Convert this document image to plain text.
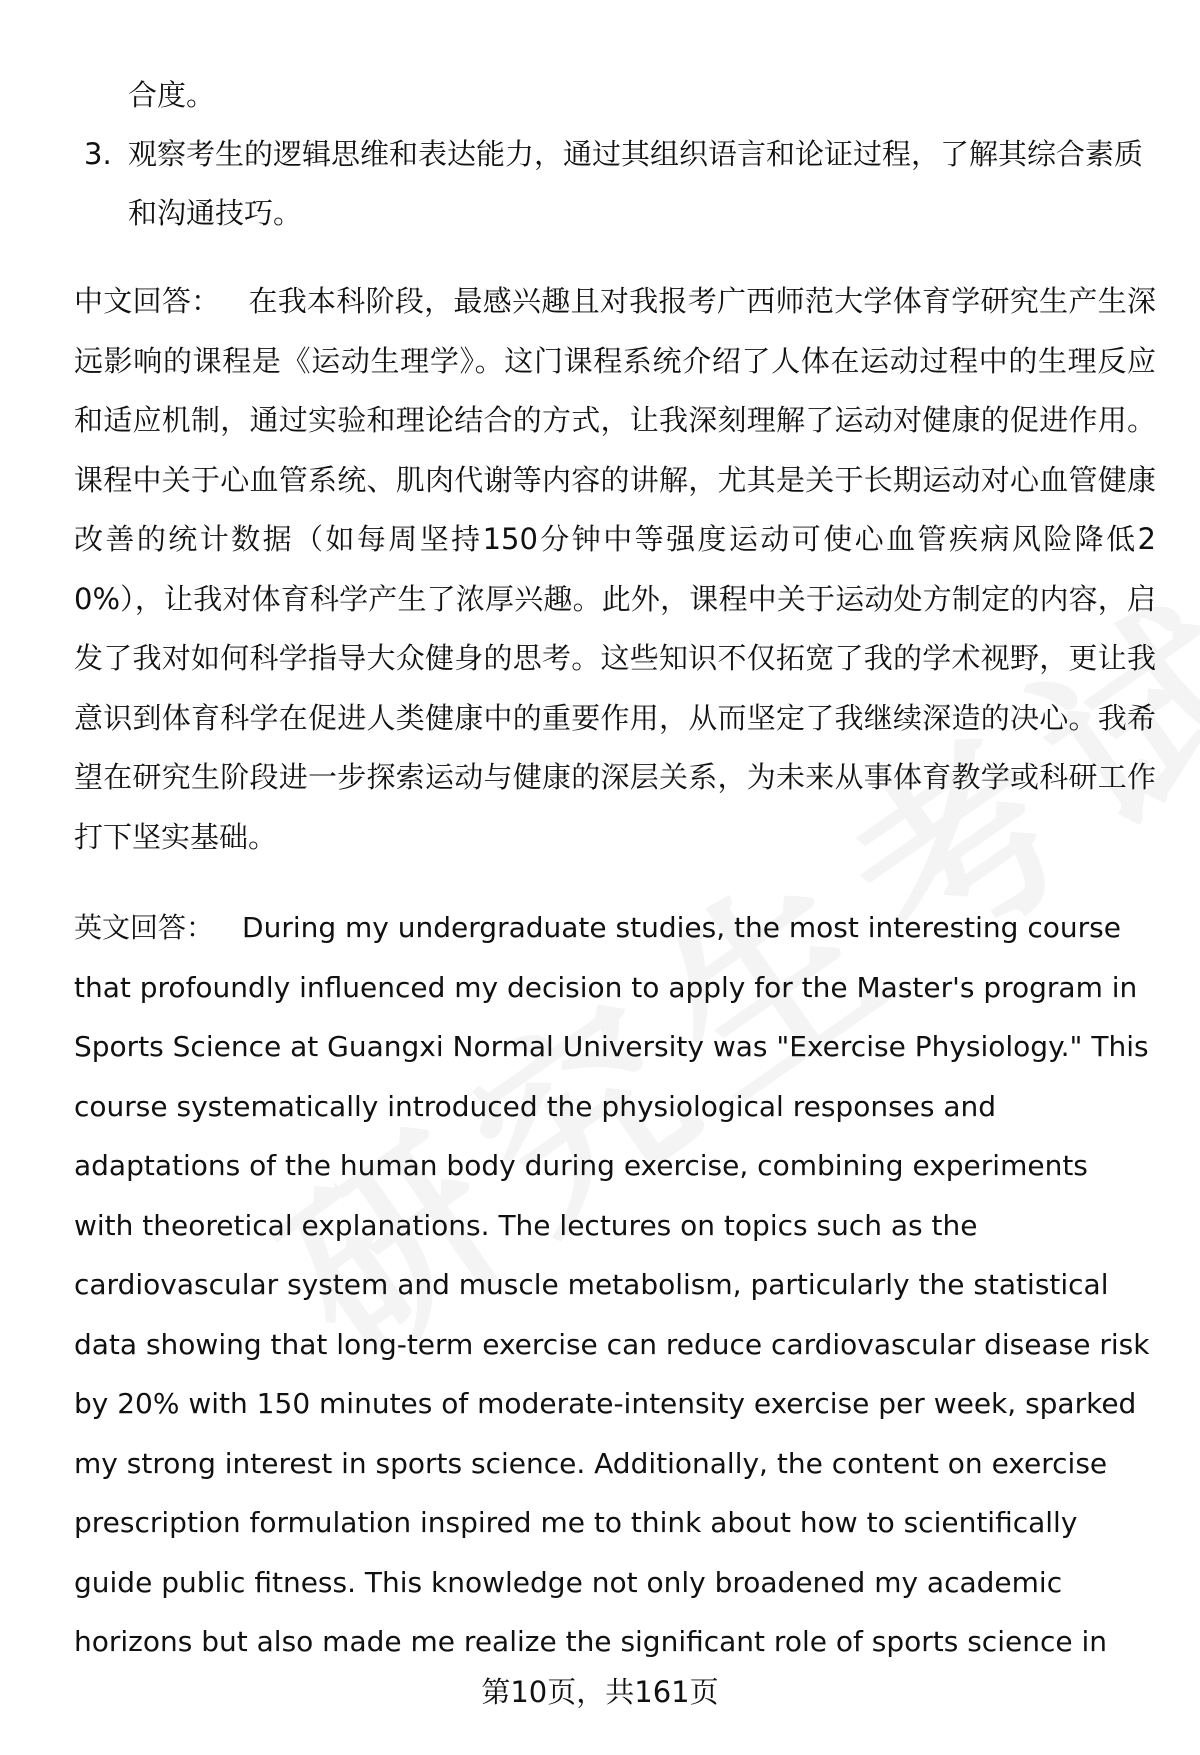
合度。
3. 观察考生的逻辑思维和表达能力，通过其组织语言和论证过程，了解其综合素质和沟通技巧。
中文回答： 在我本科阶段，最感兴趣且对我报考广西师范大学体育学研究生产生深远影响的课程是《运动生理学》。这门课程系统介绍了人体在运动过程中的生理反应和适应机制，通过实验和理论结合的方式，让我深刻理解了运动对健康的促进作用。课程中关于心血管系统、肌肉代谢等内容的讲解，尤其是关于长期运动对心血管健康改善的统计数据（如每周坚持150分钟中等强度运动可使心血管疾病风险降低20%），让我对体育科学产生了浓厚兴趣。此外，课程中关于运动处方制定的内容，启发了我对如何科学指导大众健身的思考。这些知识不仅拓宽了我的学术视野，更让我意识到体育科学在促进人类健康中的重要作用，从而坚定了我继续深造的决心。我希望在研究生阶段进一步探索运动与健康的深层关系，为未来从事体育教学或科研工作打下坚实基础。
英文回答： During my undergraduate studies, the most interesting course that profoundly influenced my decision to apply for the Master's program in Sports Science at Guangxi Normal University was "Exercise Physiology." This course systematically introduced the physiological responses and adaptations of the human body during exercise, combining experiments with theoretical explanations. The lectures on topics such as the cardiovascular system and muscle metabolism, particularly the statistical data showing that long-term exercise can reduce cardiovascular disease risk by 20% with 150 minutes of moderate-intensity exercise per week, sparked my strong interest in sports science. Additionally, the content on exercise prescription formulation inspired me to think about how to scientifically guide public fitness. This knowledge not only broadened my academic horizons but also made me realize the significant role of sports science in
第10页，共161页
